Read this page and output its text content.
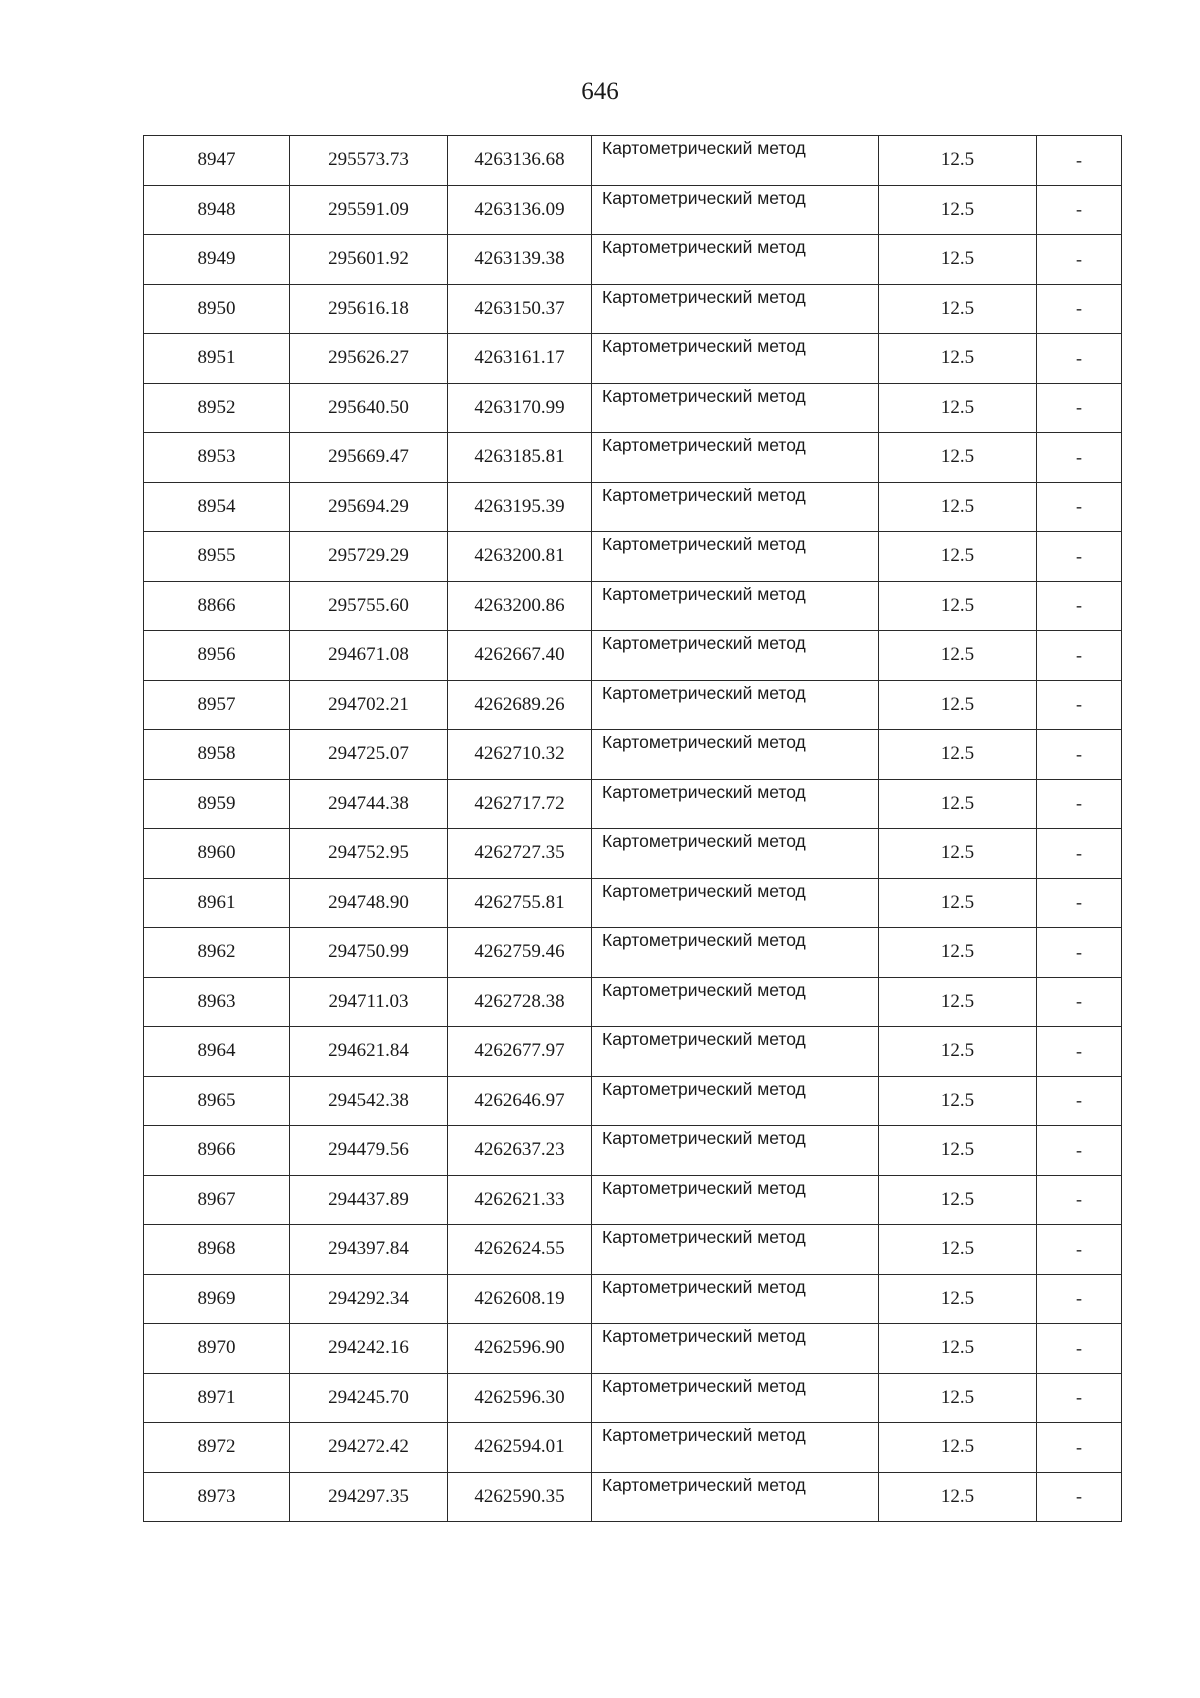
646
8947	295573.73	4263136.68	Картометрический метод	12.5	-
8948	295591.09	4263136.09	Картометрический метод	12.5	-
8949	295601.92	4263139.38	Картометрический метод	12.5	-
8950	295616.18	4263150.37	Картометрический метод	12.5	-
8951	295626.27	4263161.17	Картометрический метод	12.5	-
8952	295640.50	4263170.99	Картометрический метод	12.5	-
8953	295669.47	4263185.81	Картометрический метод	12.5	-
8954	295694.29	4263195.39	Картометрический метод	12.5	-
8955	295729.29	4263200.81	Картометрический метод	12.5	-
8866	295755.60	4263200.86	Картометрический метод	12.5	-
8956	294671.08	4262667.40	Картометрический метод	12.5	-
8957	294702.21	4262689.26	Картометрический метод	12.5	-
8958	294725.07	4262710.32	Картометрический метод	12.5	-
8959	294744.38	4262717.72	Картометрический метод	12.5	-
8960	294752.95	4262727.35	Картометрический метод	12.5	-
8961	294748.90	4262755.81	Картометрический метод	12.5	-
8962	294750.99	4262759.46	Картометрический метод	12.5	-
8963	294711.03	4262728.38	Картометрический метод	12.5	-
8964	294621.84	4262677.97	Картометрический метод	12.5	-
8965	294542.38	4262646.97	Картометрический метод	12.5	-
8966	294479.56	4262637.23	Картометрический метод	12.5	-
8967	294437.89	4262621.33	Картометрический метод	12.5	-
8968	294397.84	4262624.55	Картометрический метод	12.5	-
8969	294292.34	4262608.19	Картометрический метод	12.5	-
8970	294242.16	4262596.90	Картометрический метод	12.5	-
8971	294245.70	4262596.30	Картометрический метод	12.5	-
8972	294272.42	4262594.01	Картометрический метод	12.5	-
8973	294297.35	4262590.35	Картометрический метод	12.5	-
